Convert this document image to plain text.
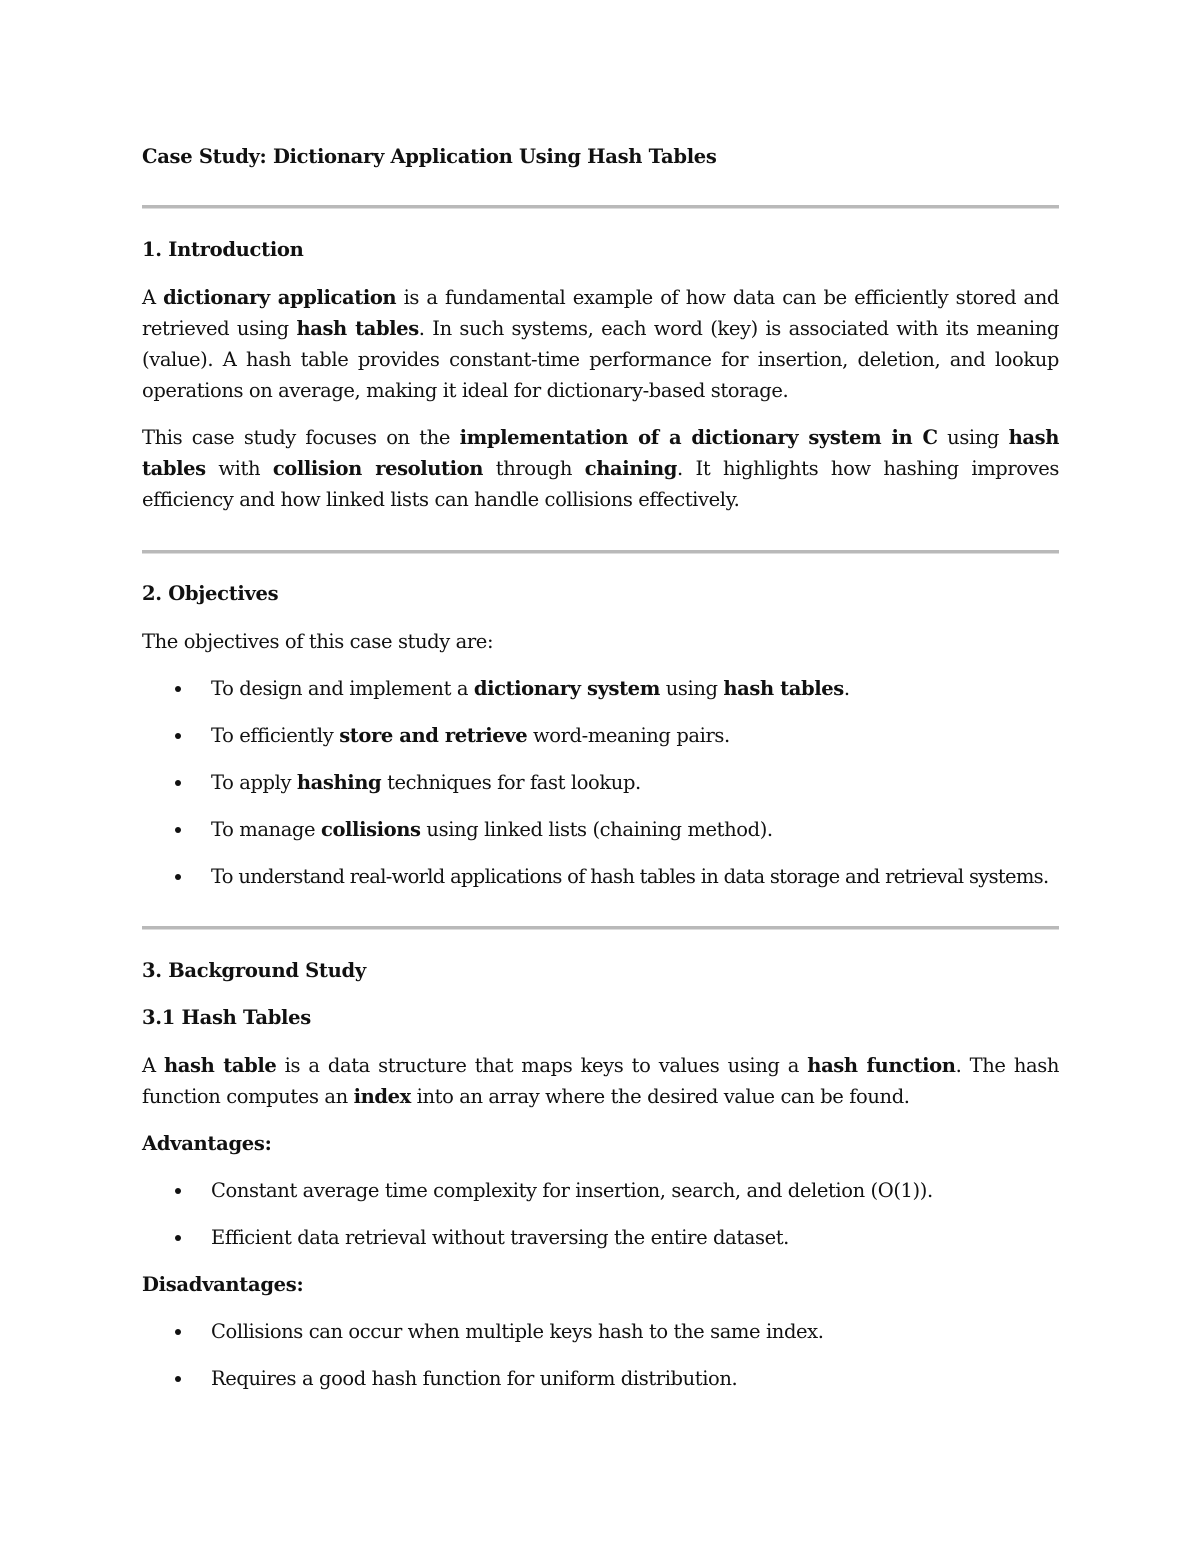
Case Study: Dictionary Application Using Hash Tables
1. Introduction
A dictionary application is a fundamental example of how data can be efficiently stored and retrieved using hash tables. In such systems, each word (key) is associated with its meaning (value). A hash table provides constant-time performance for insertion, deletion, and lookup operations on average, making it ideal for dictionary-based storage.
This case study focuses on the implementation of a dictionary system in C using hash tables with collision resolution through chaining. It highlights how hashing improves efficiency and how linked lists can handle collisions effectively.
2. Objectives
The objectives of this case study are:
To design and implement a dictionary system using hash tables.
To efficiently store and retrieve word-meaning pairs.
To apply hashing techniques for fast lookup.
To manage collisions using linked lists (chaining method).
To understand real-world applications of hash tables in data storage and retrieval systems.
3. Background Study
3.1 Hash Tables
A hash table is a data structure that maps keys to values using a hash function. The hash function computes an index into an array where the desired value can be found.
Advantages:
Constant average time complexity for insertion, search, and deletion (O(1)).
Efficient data retrieval without traversing the entire dataset.
Disadvantages:
Collisions can occur when multiple keys hash to the same index.
Requires a good hash function for uniform distribution.
